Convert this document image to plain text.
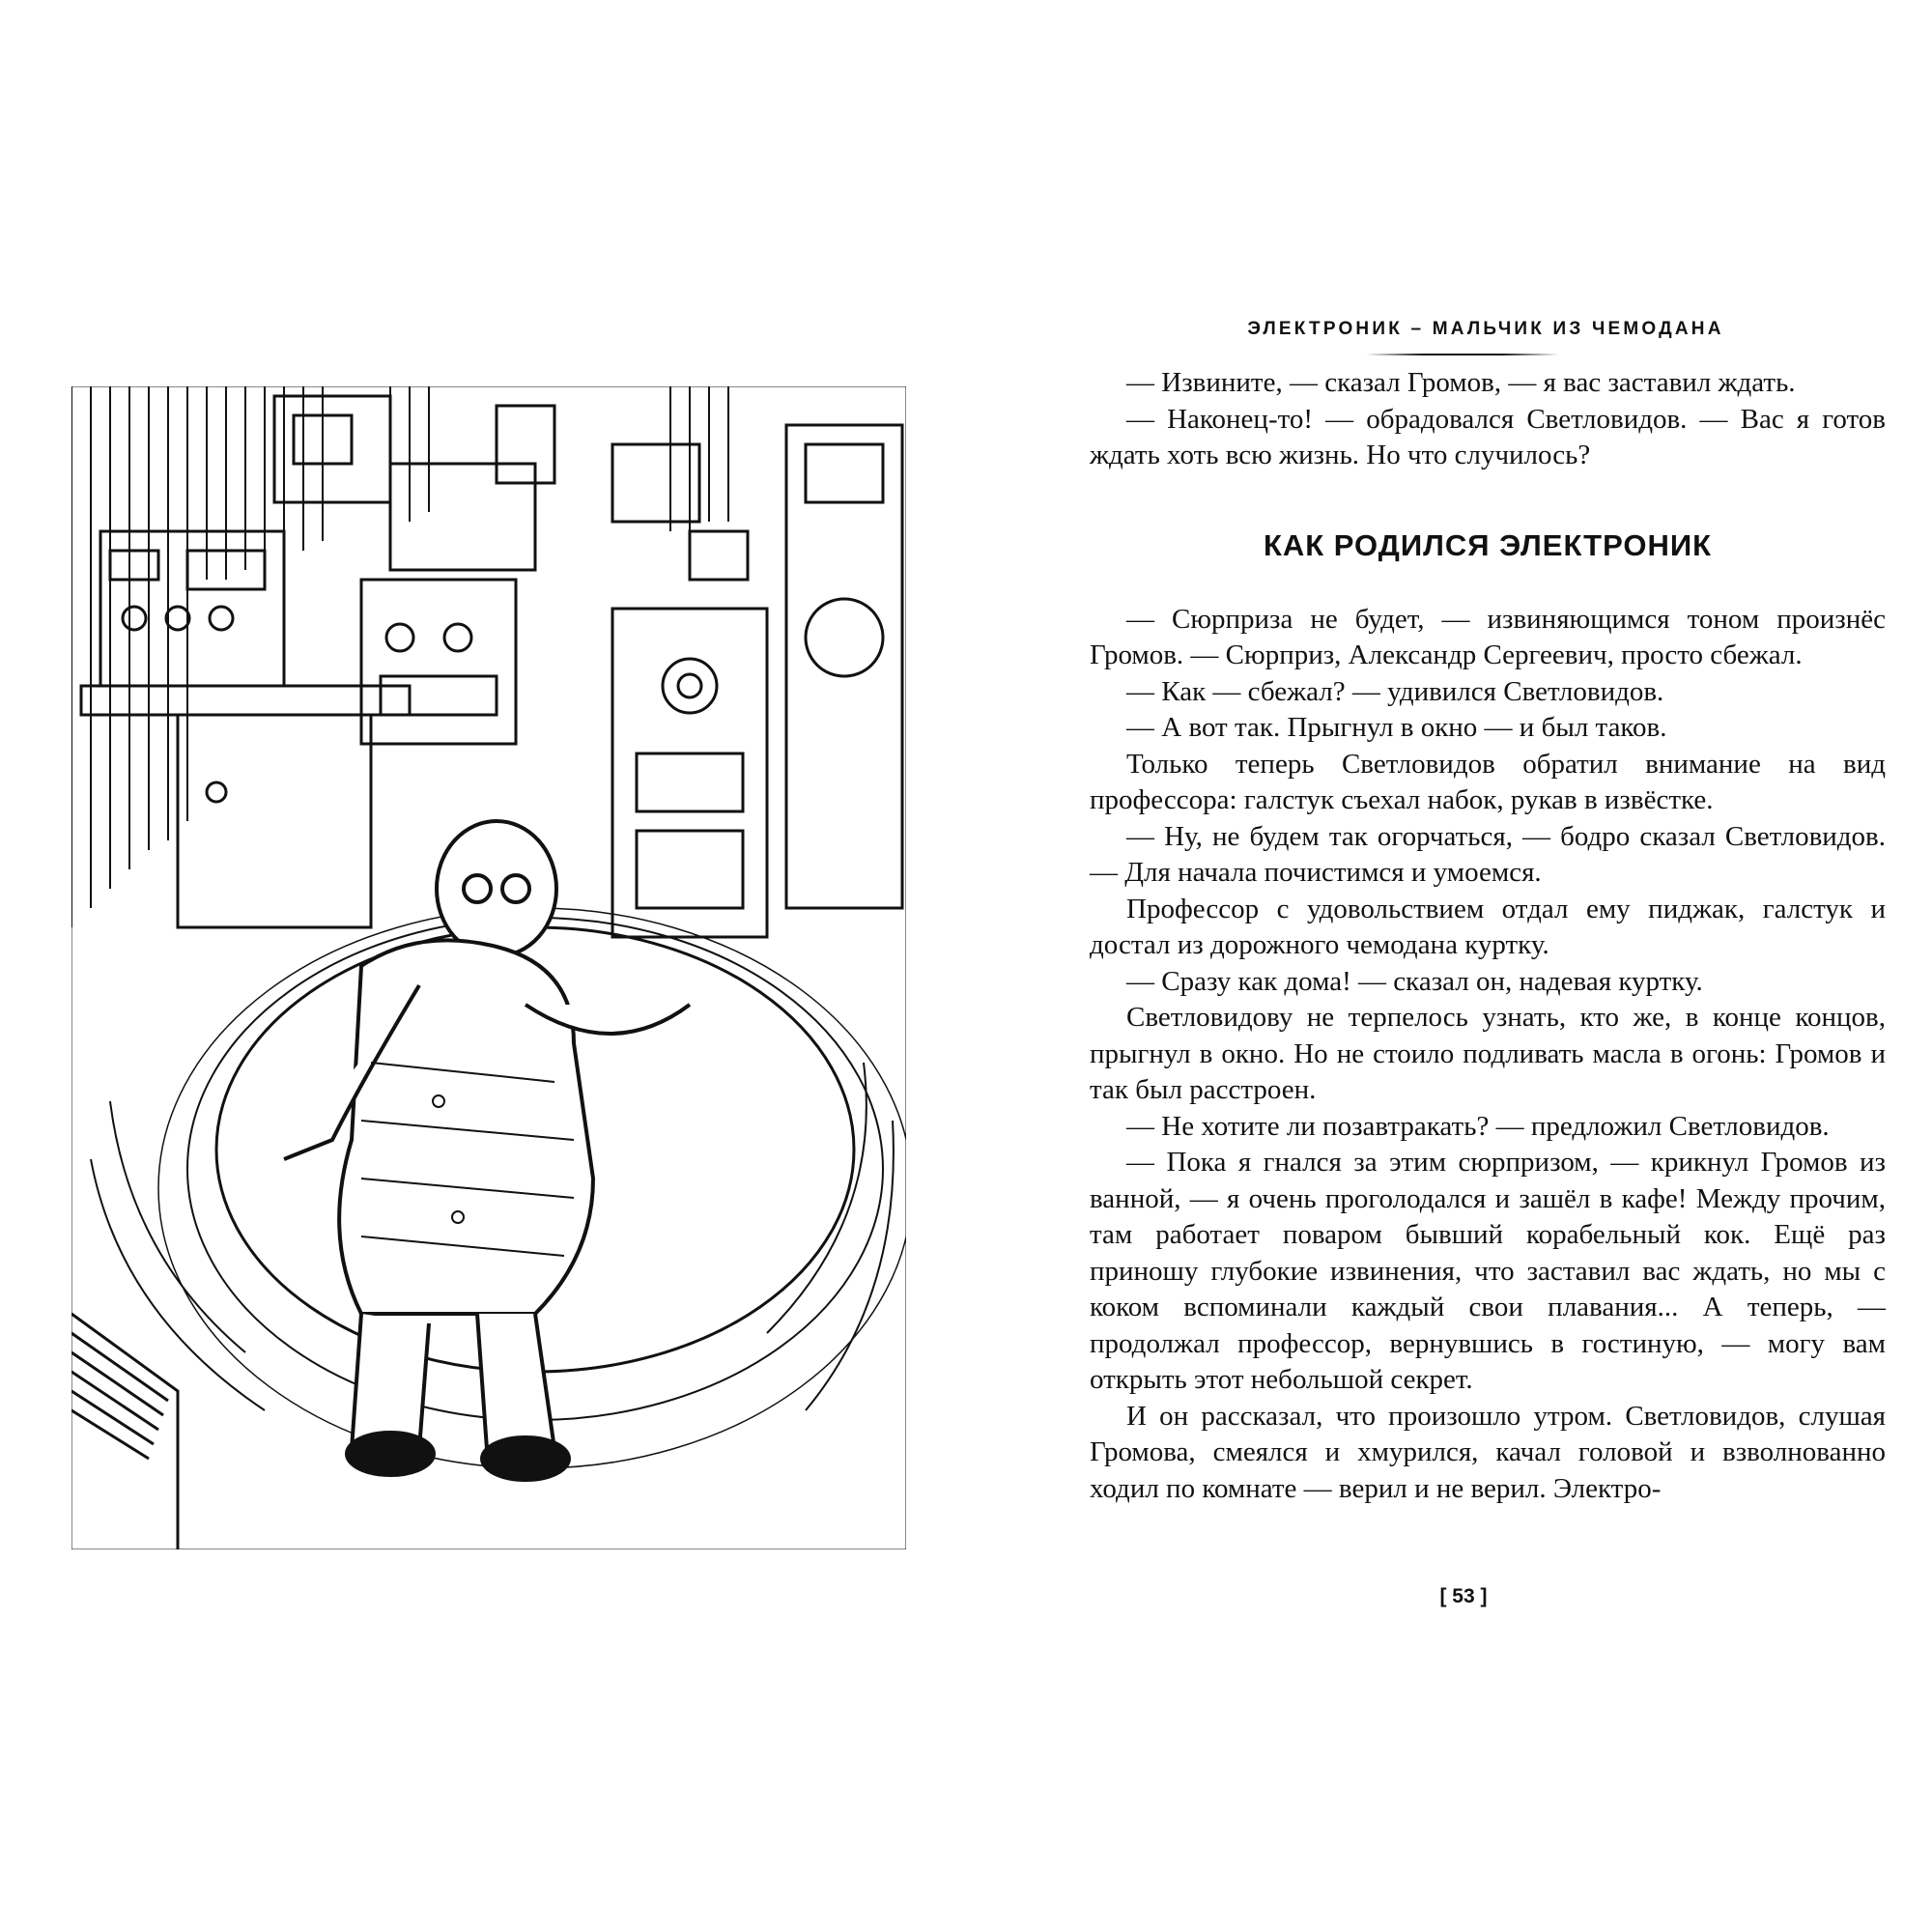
ЭЛЕКТРОНИК – МАЛЬЧИК ИЗ ЧЕМОДАНА

— Извините, — сказал Громов, — я вас заставил ждать.

— Наконец-то! — обрадовался Светловидов. — Вас я готов ждать хоть всю жизнь. Но что случилось?

КАК РОДИЛСЯ ЭЛЕКТРОНИК

— Сюрприза не будет, — извиняющимся тоном произнёс Громов. — Сюрприз, Александр Сергеевич, просто сбежал.

— Как — сбежал? — удивился Светловидов.

— А вот так. Прыгнул в окно — и был таков.

Только теперь Светловидов обратил внимание на вид профессора: галстук съехал набок, рукав в извёстке.

— Ну, не будем так огорчаться, — бодро сказал Светловидов. — Для начала почистимся и умоемся.

Профессор с удовольствием отдал ему пиджак, галстук и достал из дорожного чемодана куртку.

— Сразу как дома! — сказал он, надевая куртку.

Светловидову не терпелось узнать, кто же, в конце концов, прыгнул в окно. Но не стоило подливать масла в огонь: Громов и так был расстроен.

— Не хотите ли позавтракать? — предложил Светловидов.

— Пока я гнался за этим сюрпризом, — крикнул Громов из ванной, — я очень проголодался и зашёл в кафе! Между прочим, там работает поваром бывший корабельный кок. Ещё раз приношу глубокие извинения, что заставил вас ждать, но мы с коком вспоминали каждый свои плавания... А теперь, — продолжал профессор, вернувшись в гостиную, — могу вам открыть этот небольшой секрет.

И он рассказал, что произошло утром. Светловидов, слушая Громова, смеялся и хмурился, качал головой и взволнованно ходил по комнате — верил и не верил. Электро-

[ 53 ]
